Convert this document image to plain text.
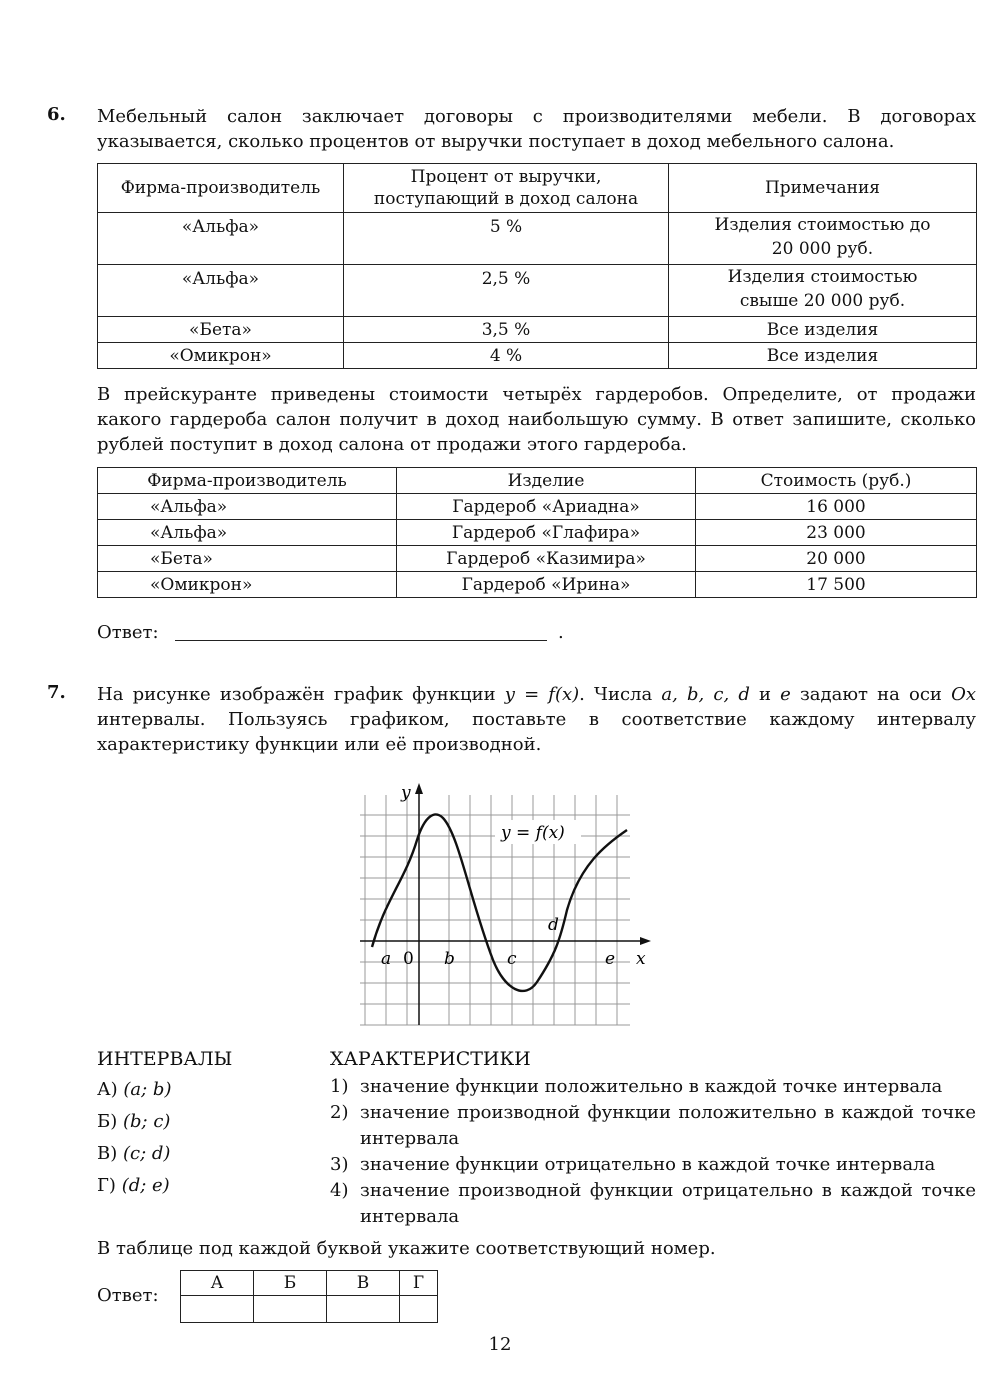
6. Мебельный салон заключает договоры с производителями мебели. В договорах указывается, сколько процентов от выручки поступает в доход мебельного салона.
Фирма-производитель	Процент от выручки, поступающий в доход салона	Примечания
«Альфа»	5 %	Изделия стоимостью до 20 000 руб.
«Альфа»	2,5 %	Изделия стоимостью свыше 20 000 руб.
«Бета»	3,5 %	Все изделия
«Омикрон»	4 %	Все изделия
В прейскуранте приведены стоимости четырёх гардеробов. Определите, от продажи какого гардероба салон получит в доход наибольшую сумму. В ответ запишите, сколько рублей поступит в доход салона от продажи этого гардероба.
Фирма-производитель	Изделие	Стоимость (руб.)
«Альфа»	Гардероб «Ариадна»	16 000
«Альфа»	Гардероб «Глафира»	23 000
«Бета»	Гардероб «Казимира»	20 000
«Омикрон»	Гардероб «Ирина»	17 500
Ответ:	.
7. На рисунке изображён график функции y = f(x). Числа a, b, c, d и e задают на оси Ox интервалы. Пользуясь графиком, поставьте в соответствие каждому интервалу характеристику функции или её производной.
a 0 b	c
d
e x
y
y = f(x)
ИНТЕРВАЛЫ
А) (a; b)
Б) (b; c)
В) (c; d)
Г) (d; e)
ХАРАКТЕРИСТИКИ
1) значение функции положительно в каждой точке интервала
2) значение производной функции положительно в каждой точке интервала
3) значение функции отрицательно в каждой точке интервала
4) значение производной функции отрицательно в каждой точке интервала
В таблице под каждой буквой укажите соответствующий номер.
Ответ:
А	Б	В	Г

12
